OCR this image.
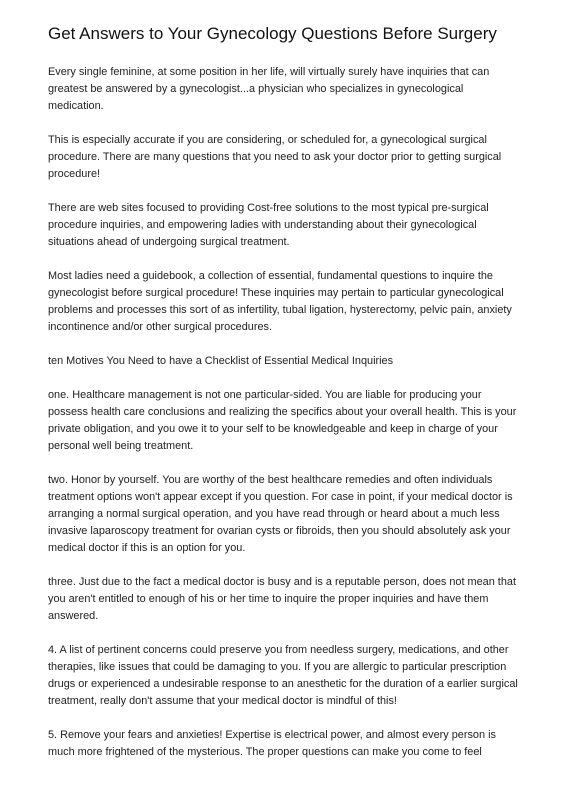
Get Answers to Your Gynecology Questions Before Surgery

Every single feminine, at some position in her life, will virtually surely have inquiries that can greatest be answered by a gynecologist...a physician who specializes in gynecological medication.

This is especially accurate if you are considering, or scheduled for, a gynecological surgical procedure. There are many questions that you need to ask your doctor prior to getting surgical procedure!

There are web sites focused to providing Cost-free solutions to the most typical pre-surgical procedure inquiries, and empowering ladies with understanding about their gynecological situations ahead of undergoing surgical treatment.

Most ladies need a guidebook, a collection of essential, fundamental questions to inquire the gynecologist before surgical procedure! These inquiries may pertain to particular gynecological problems and processes this sort of as infertility, tubal ligation, hysterectomy, pelvic pain, anxiety incontinence and/or other surgical procedures.

ten Motives You Need to have a Checklist of Essential Medical Inquiries

one. Healthcare management is not one particular-sided. You are liable for producing your possess health care conclusions and realizing the specifics about your overall health. This is your private obligation, and you owe it to your self to be knowledgeable and keep in charge of your personal well being treatment.

two. Honor by yourself. You are worthy of the best healthcare remedies and often individuals treatment options won't appear except if you question. For case in point, if your medical doctor is arranging a normal surgical operation, and you have read through or heard about a much less invasive laparoscopy treatment for ovarian cysts or fibroids, then you should absolutely ask your medical doctor if this is an option for you.

three. Just due to the fact a medical doctor is busy and is a reputable person, does not mean that you aren't entitled to enough of his or her time to inquire the proper inquiries and have them answered.

4. A list of pertinent concerns could preserve you from needless surgery, medications, and other therapies, like issues that could be damaging to you. If you are allergic to particular prescription drugs or experienced a undesirable response to an anesthetic for the duration of a earlier surgical treatment, really don't assume that your medical doctor is mindful of this!

5. Remove your fears and anxieties! Expertise is electrical power, and almost every person is much more frightened of the mysterious. The proper questions can make you come to feel
